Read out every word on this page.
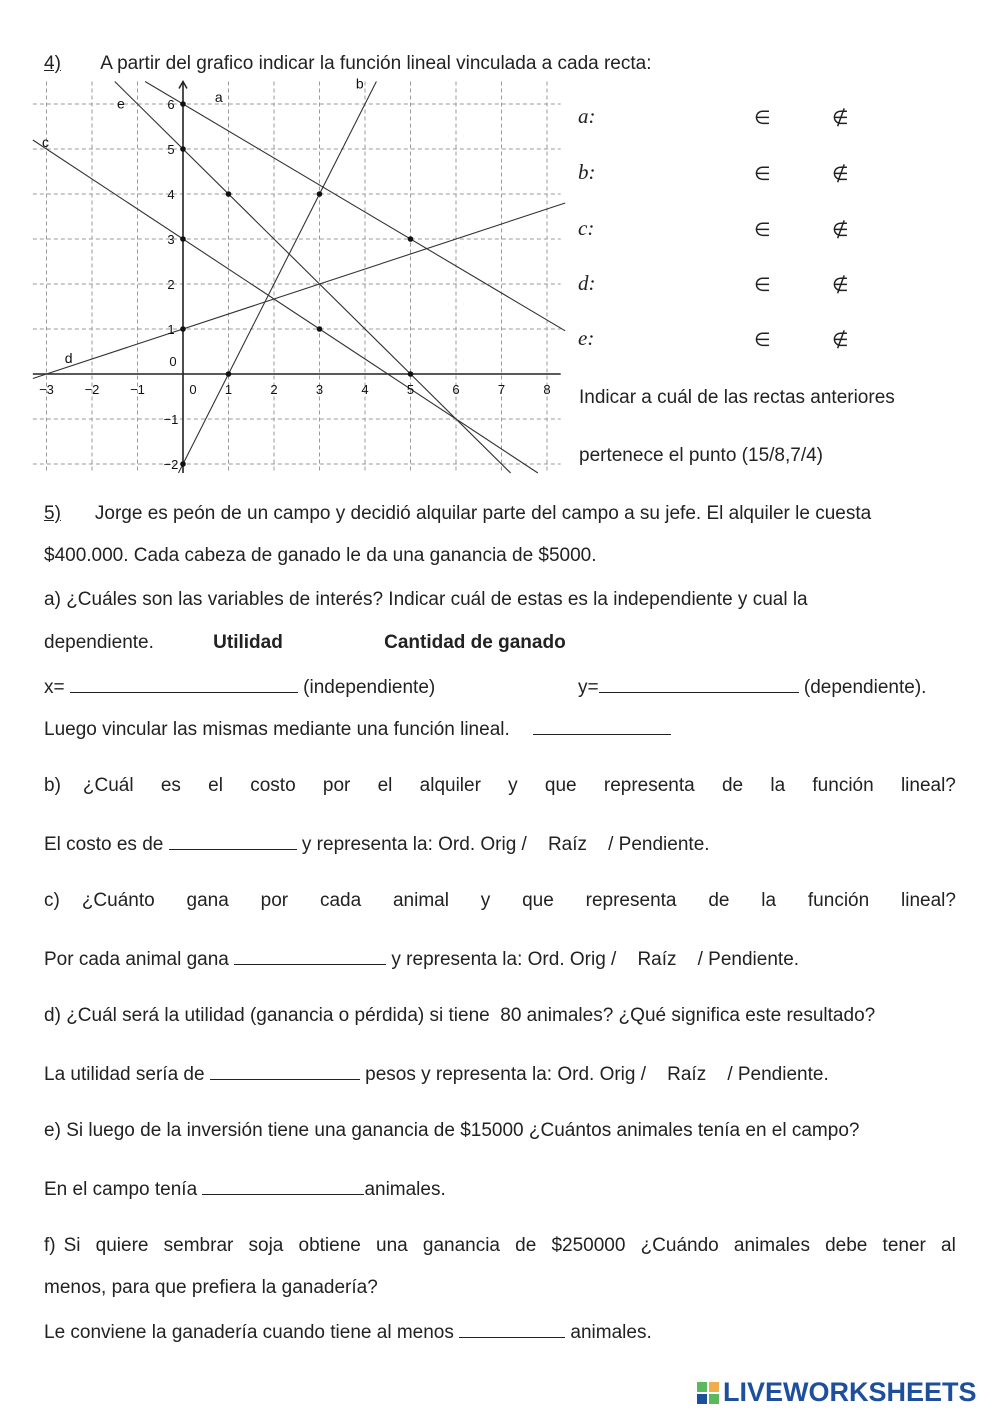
4) A partir del grafico indicar la función lineal vinculada a cada recta:
−3 −2 −1	0 1	2	3	4	5	6	7	8
−2
−1
0
1
2
3
4
5
6	a
b
c
d
e
a:	∈	∉
b:	∈	∉
c:	∈	∉
d:	∈	∉
e:	∈	∉
Indicar a cuál de las rectas anteriores
pertenece el punto (15/8,7/4)
5) Jorge es peón de un campo y decidió alquilar parte del campo a su jefe. El alquiler le cuesta
$400.000. Cada cabeza de ganado le da una ganancia de $5000.
a) ¿Cuáles son las variables de interés? Indicar cuál de estas es la independiente y cual la
dependiente.	Utilidad	Cantidad de ganado
x=	(independiente)	y=	(dependiente).
Luego vincular las mismas mediante una función lineal.
b) ¿Cuál es el costo por el alquiler y que representa de la función lineal?
El costo es de	y representa la: Ord. Orig /    Raíz    / Pendiente.
c) ¿Cuánto gana por cada animal y que representa de la función lineal?
Por cada animal gana	y representa la: Ord. Orig /    Raíz    / Pendiente.
d) ¿Cuál será la utilidad (ganancia o pérdida) si tiene  80 animales? ¿Qué significa este resultado?
La utilidad sería de	pesos y representa la: Ord. Orig /    Raíz    / Pendiente.
e) Si luego de la inversión tiene una ganancia de $15000 ¿Cuántos animales tenía en el campo?
En el campo tenía	animales.
f) Si quiere sembrar soja obtiene una ganancia de $250000 ¿Cuándo animales debe tener al
menos, para que prefiera la ganadería?
Le conviene la ganadería cuando tiene al menos	animales.
LIVEWORKSHEETS
